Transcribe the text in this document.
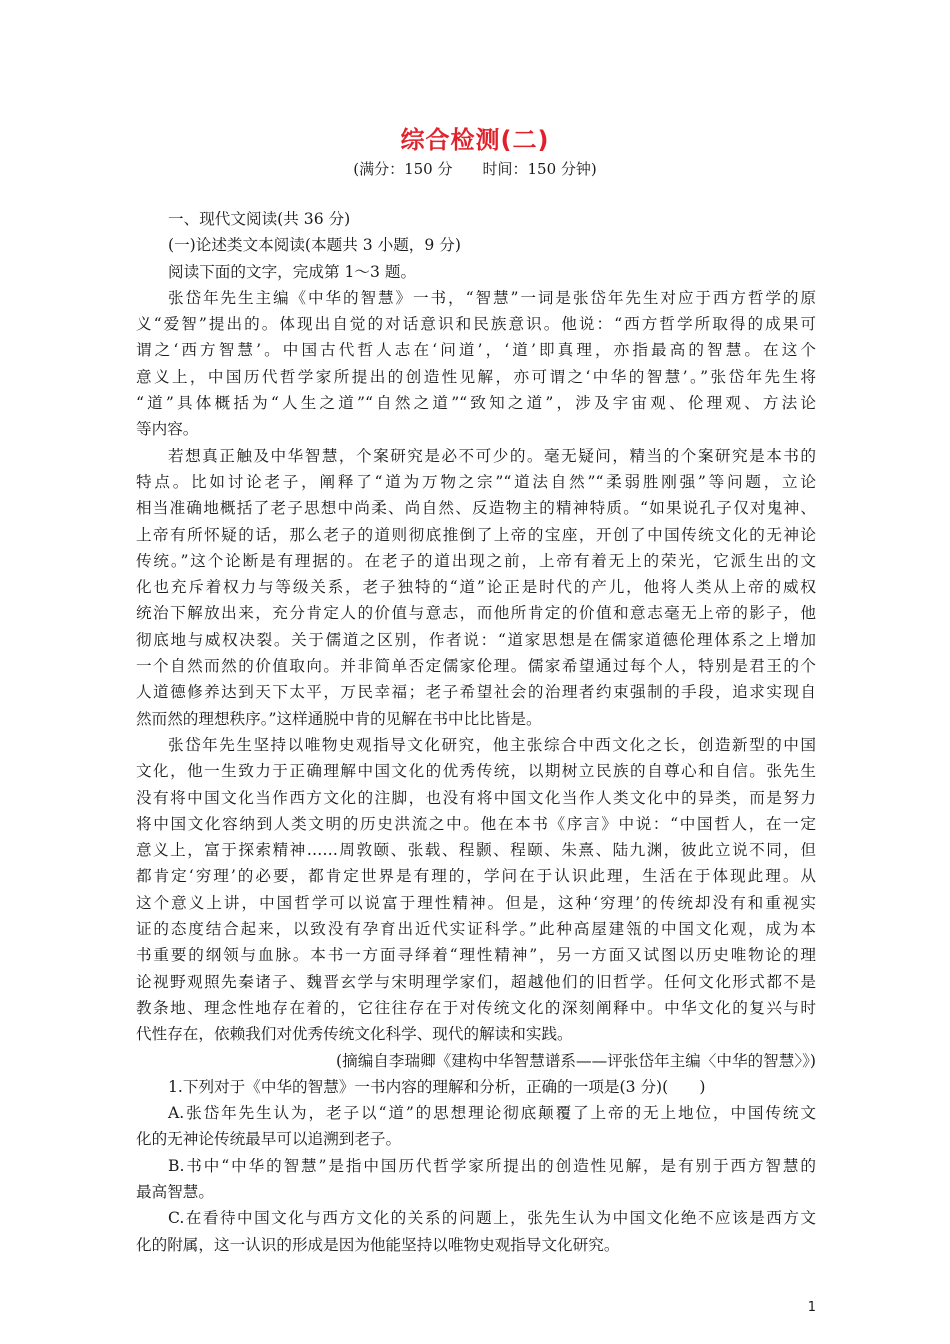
综合检测(二)
(满分：150 分　　时间：150 分钟)
一、现代文阅读(共 36 分)
(一)论述类文本阅读(本题共 3 小题，9 分)
阅读下面的文字，完成第 1～3 题。
张岱年先生主编《中华的智慧》一书，“智慧”一词是张岱年先生对应于西方哲学的原
义“爱智”提出的。体现出自觉的对话意识和民族意识。他说：“西方哲学所取得的成果可
谓之‘西方智慧’。中国古代哲人志在‘问道’，‘道’即真理，亦指最高的智慧。在这个
意义上，中国历代哲学家所提出的创造性见解，亦可谓之‘中华的智慧’。”张岱年先生将
“道”具体概括为“人生之道”“自然之道”“致知之道”，涉及宇宙观、伦理观、方法论
等内容。
若想真正触及中华智慧，个案研究是必不可少的。毫无疑问，精当的个案研究是本书的
特点。比如讨论老子，阐释了“道为万物之宗”“道法自然”“柔弱胜刚强”等问题，立论
相当准确地概括了老子思想中尚柔、尚自然、反造物主的精神特质。“如果说孔子仅对鬼神、
上帝有所怀疑的话，那么老子的道则彻底推倒了上帝的宝座，开创了中国传统文化的无神论
传统。”这个论断是有理据的。在老子的道出现之前，上帝有着无上的荣光，它派生出的文
化也充斥着权力与等级关系，老子独特的“道”论正是时代的产儿，他将人类从上帝的威权
统治下解放出来，充分肯定人的价值与意志，而他所肯定的价值和意志毫无上帝的影子，他
彻底地与威权决裂。关于儒道之区别，作者说：“道家思想是在儒家道德伦理体系之上增加
一个自然而然的价值取向。并非简单否定儒家伦理。儒家希望通过每个人，特别是君王的个
人道德修养达到天下太平，万民幸福；老子希望社会的治理者约束强制的手段，追求实现自
然而然的理想秩序。”这样通脱中肯的见解在书中比比皆是。
张岱年先生坚持以唯物史观指导文化研究，他主张综合中西文化之长，创造新型的中国
文化，他一生致力于正确理解中国文化的优秀传统，以期树立民族的自尊心和自信。张先生
没有将中国文化当作西方文化的注脚，也没有将中国文化当作人类文化中的异类，而是努力
将中国文化容纳到人类文明的历史洪流之中。他在本书《序言》中说：“中国哲人，在一定
意义上，富于探索精神……周敦颐、张载、程颢、程颐、朱熹、陆九渊，彼此立说不同，但
都肯定‘穷理’的必要，都肯定世界是有理的，学问在于认识此理，生活在于体现此理。从
这个意义上讲，中国哲学可以说富于理性精神。但是，这种‘穷理’的传统却没有和重视实
证的态度结合起来，以致没有孕育出近代实证科学。”此种高屋建瓴的中国文化观，成为本
书重要的纲领与血脉。本书一方面寻绎着“理性精神”，另一方面又试图以历史唯物论的理
论视野观照先秦诸子、魏晋玄学与宋明理学家们，超越他们的旧哲学。任何文化形式都不是
教条地、理念性地存在着的，它往往存在于对传统文化的深刻阐释中。中华文化的复兴与时
代性存在，依赖我们对优秀传统文化科学、现代的解读和实践。
(摘编自李瑞卿《建构中华智慧谱系——评张岱年主编〈中华的智慧〉》)
1.下列对于《中华的智慧》一书内容的理解和分析，正确的一项是(3 分)(　　)
A.张岱年先生认为，老子以“道”的思想理论彻底颠覆了上帝的无上地位，中国传统文
化的无神论传统最早可以追溯到老子。
B.书中“中华的智慧”是指中国历代哲学家所提出的创造性见解，是有别于西方智慧的
最高智慧。
C.在看待中国文化与西方文化的关系的问题上，张先生认为中国文化绝不应该是西方文
化的附属，这一认识的形成是因为他能坚持以唯物史观指导文化研究。
1
